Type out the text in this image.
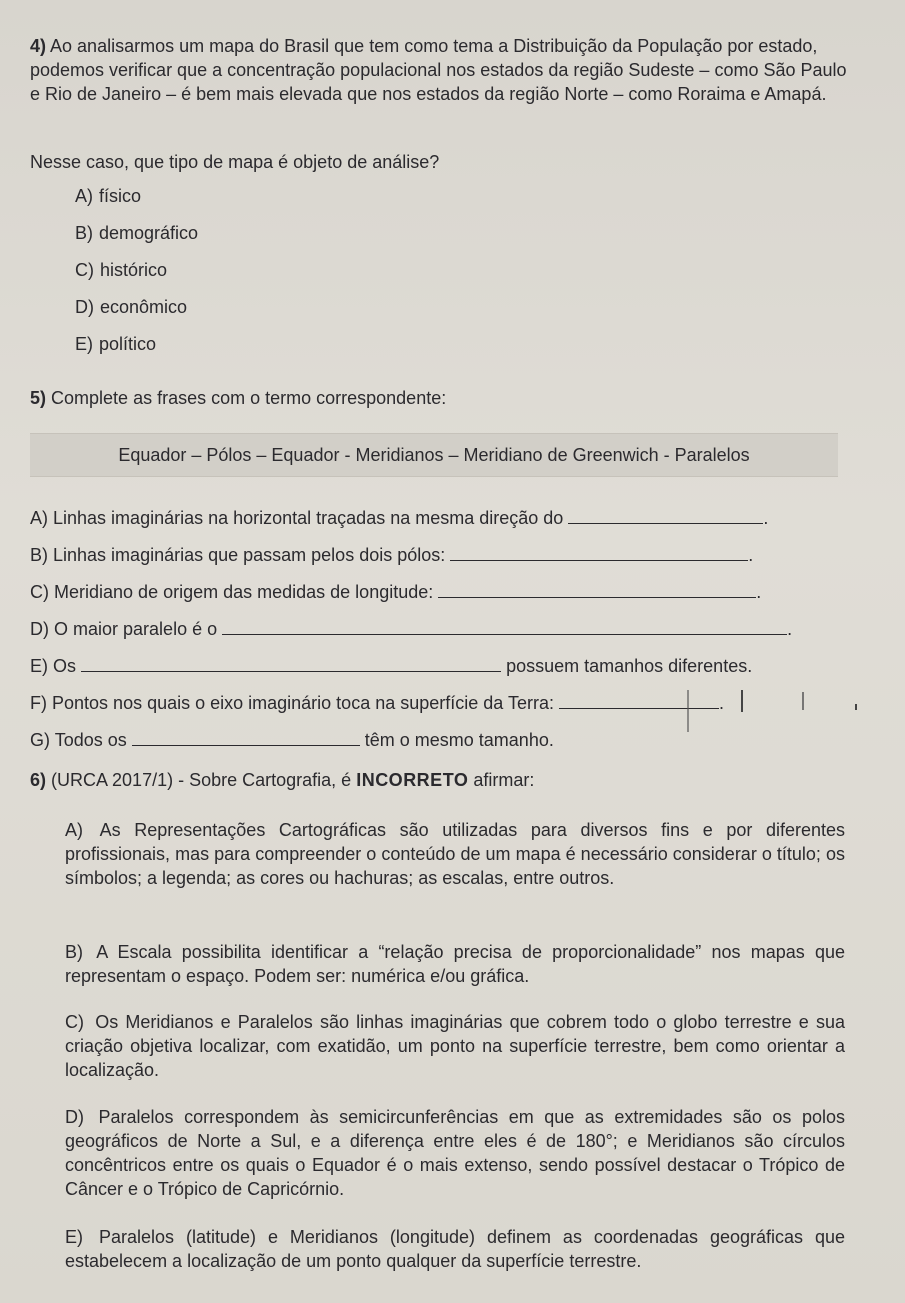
4) Ao analisarmos um mapa do Brasil que tem como tema a Distribuição da População por estado, podemos verificar que a concentração populacional nos estados da região Sudeste – como São Paulo e Rio de Janeiro – é bem mais elevada que nos estados da região Norte – como Roraima e Amapá.
Nesse caso, que tipo de mapa é objeto de análise?
A) físico
B) demográfico
C) histórico
D) econômico
E) político
5) Complete as frases com o termo correspondente:
Equador – Pólos – Equador - Meridianos – Meridiano de Greenwich - Paralelos
A) Linhas imaginárias na horizontal traçadas na mesma direção do	.
B) Linhas imaginárias que passam pelos dois pólos:	.
C) Meridiano de origem das medidas de longitude:	.
D) O maior paralelo é o	.
E) Os	possuem tamanhos diferentes.
F) Pontos nos quais o eixo imaginário toca na superfície da Terra:	.
G) Todos os	têm o mesmo tamanho.
6) (URCA 2017/1) - Sobre Cartografia, é INCORRETO afirmar:
A) As Representações Cartográficas são utilizadas para diversos fins e por diferentes profissionais, mas para compreender o conteúdo de um mapa é necessário considerar o título; os símbolos; a legenda; as cores ou hachuras; as escalas, entre outros.
B) A Escala possibilita identificar a “relação precisa de proporcionalidade” nos mapas que representam o espaço. Podem ser: numérica e/ou gráfica.
C) Os Meridianos e Paralelos são linhas imaginárias que cobrem todo o globo terrestre e sua criação objetiva localizar, com exatidão, um ponto na superfície terrestre, bem como orientar a localização.
D) Paralelos correspondem às semicircunferências em que as extremidades são os polos geográficos de Norte a Sul, e a diferença entre eles é de 180°; e Meridianos são círculos concêntricos entre os quais o Equador é o mais extenso, sendo possível destacar o Trópico de Câncer e o Trópico de Capricórnio.
E) Paralelos (latitude) e Meridianos (longitude) definem as coordenadas geográficas que estabelecem a localização de um ponto qualquer da superfície terrestre.
